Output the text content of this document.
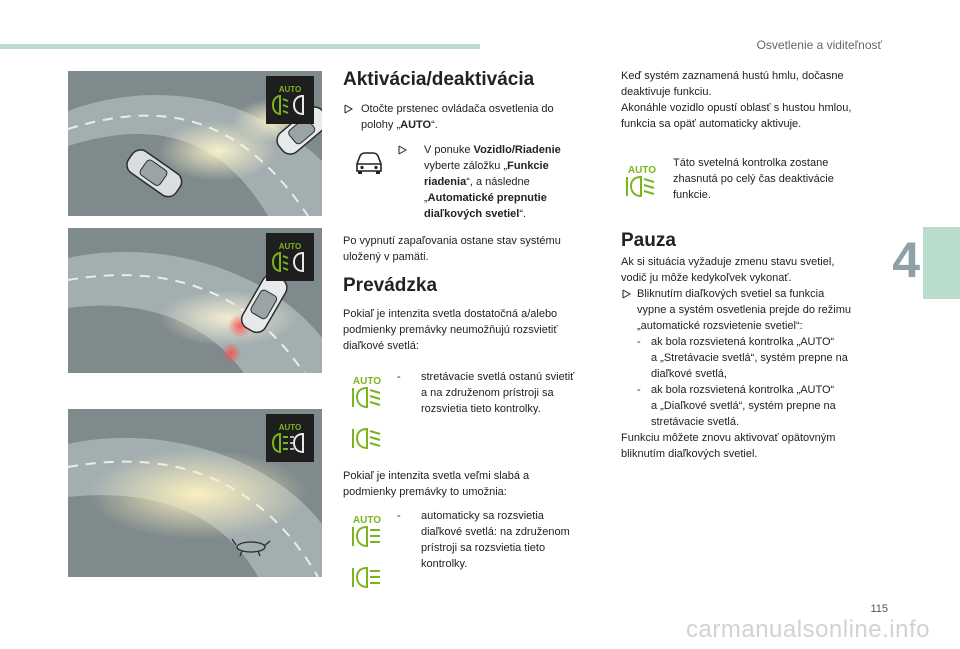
Osvetlenie a viditeľnosť
4
AUTO
AUTO
AUTO
Aktivácia/deaktivácia
Otočte prstenec ovládača osvetlenia do
polohy „AUTO“.
V ponuke Vozidlo/Riadenie
vyberte záložku „Funkcie
riadenia“, a následne
„Automatické prepnutie
diaľkových svetiel“.
Po vypnutí zapaľovania ostane stav systému
uložený v pamäti.
Prevádzka
Pokiaľ je intenzita svetla dostatočná a/alebo
podmienky premávky neumožňujú rozsvietiť
diaľkové svetlá:
AUTO - stretávacie svetlá ostanú svietiť
a na združenom prístroji sa
rozsvietia tieto kontrolky.
Pokiaľ je intenzita svetla veľmi slabá a
podmienky premávky to umožnia:
AUTO - automaticky sa rozsvietia
diaľkové svetlá: na združenom
prístroji sa rozsvietia tieto
kontrolky.
Keď systém zaznamená hustú hmlu, dočasne
deaktivuje funkciu.
Akonáhle vozidlo opustí oblasť s hustou hmlou,
funkcia sa opäť automaticky aktivuje.
AUTO
Táto svetelná kontrolka zostane
zhasnutá po celý čas deaktivácie
funkcie.
Pauza
Ak si situácia vyžaduje zmenu stavu svetiel,
vodič ju môže kedykoľvek vykonať.
Bliknutím diaľkových svetiel sa funkcia
vypne a systém osvetlenia prejde do režimu
„automatické rozsvietenie svetiel“:
- ak bola rozsvietená kontrolka „AUTO“
a „Stretávacie svetlá“, systém prepne na
diaľkové svetlá,
- ak bola rozsvietená kontrolka „AUTO“
a „Diaľkové svetlá“, systém prepne na
stretávacie svetlá.
Funkciu môžete znovu aktivovať opätovným
bliknutím diaľkových svetiel.
115
carmanualsonline.info
